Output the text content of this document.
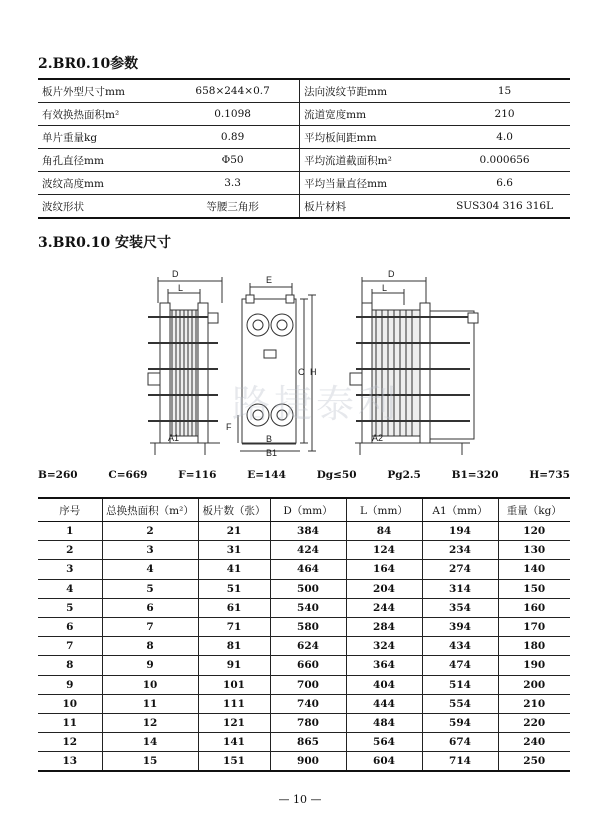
2.BR0.10参数
板片外型尺寸mm	658×244×0.7	法向波纹节距mm	15
有效换热面积m²	0.1098	流道宽度mm	210
单片重量kg	0.89	平均板间距mm	4.0
角孔直径mm	Φ50	平均流道截面积m²	0.000656
波纹高度mm	3.3	平均当量直径mm	6.6
波纹形状	等腰三角形	板片材料	SUS304 316 316L
3.BR0.10 安装尺寸
D
L
A1
E
C H
F
B
B1
D
L
A2
路捷泰利
B=260	C=669	F=116	E=144	Dg≤50	Pg2.5	B1=320	H=735
序号	总换热面积（m²）	板片数（张）	D（mm）	L（mm）	A1（mm）	重量（kg）
1	2	21	384	84	194	120
2	3	31	424	124	234	130
3	4	41	464	164	274	140
4	5	51	500	204	314	150
5	6	61	540	244	354	160
6	7	71	580	284	394	170
7	8	81	624	324	434	180
8	9	91	660	364	474	190
9	10	101	700	404	514	200
10	11	111	740	444	554	210
11	12	121	780	484	594	220
12	14	141	865	564	674	240
13	15	151	900	604	714	250
— 10 —
